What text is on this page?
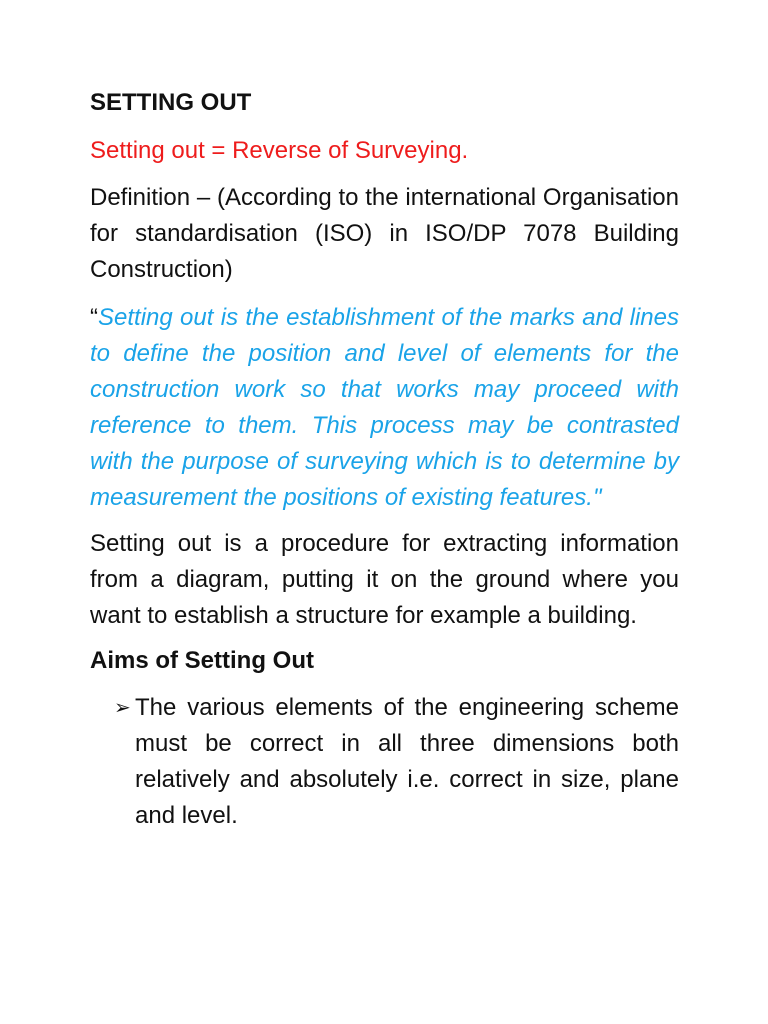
SETTING OUT
Setting out = Reverse of Surveying.
Definition – (According to the international Organisation for standardisation (ISO) in ISO/DP 7078 Building Construction)
“Setting out is the establishment of the marks and lines to define the position and level of elements for the construction work so that works may proceed with reference to them. This process may be contrasted with the purpose of surveying which is to determine by measurement the positions of existing features."
Setting out is a procedure for extracting information from a diagram, putting it on the ground where you want to establish a structure for example a building.
Aims of Setting Out
➢ The various elements of the engineering scheme must be correct in all three dimensions both relatively and absolutely i.e. correct in size, plane and level.
